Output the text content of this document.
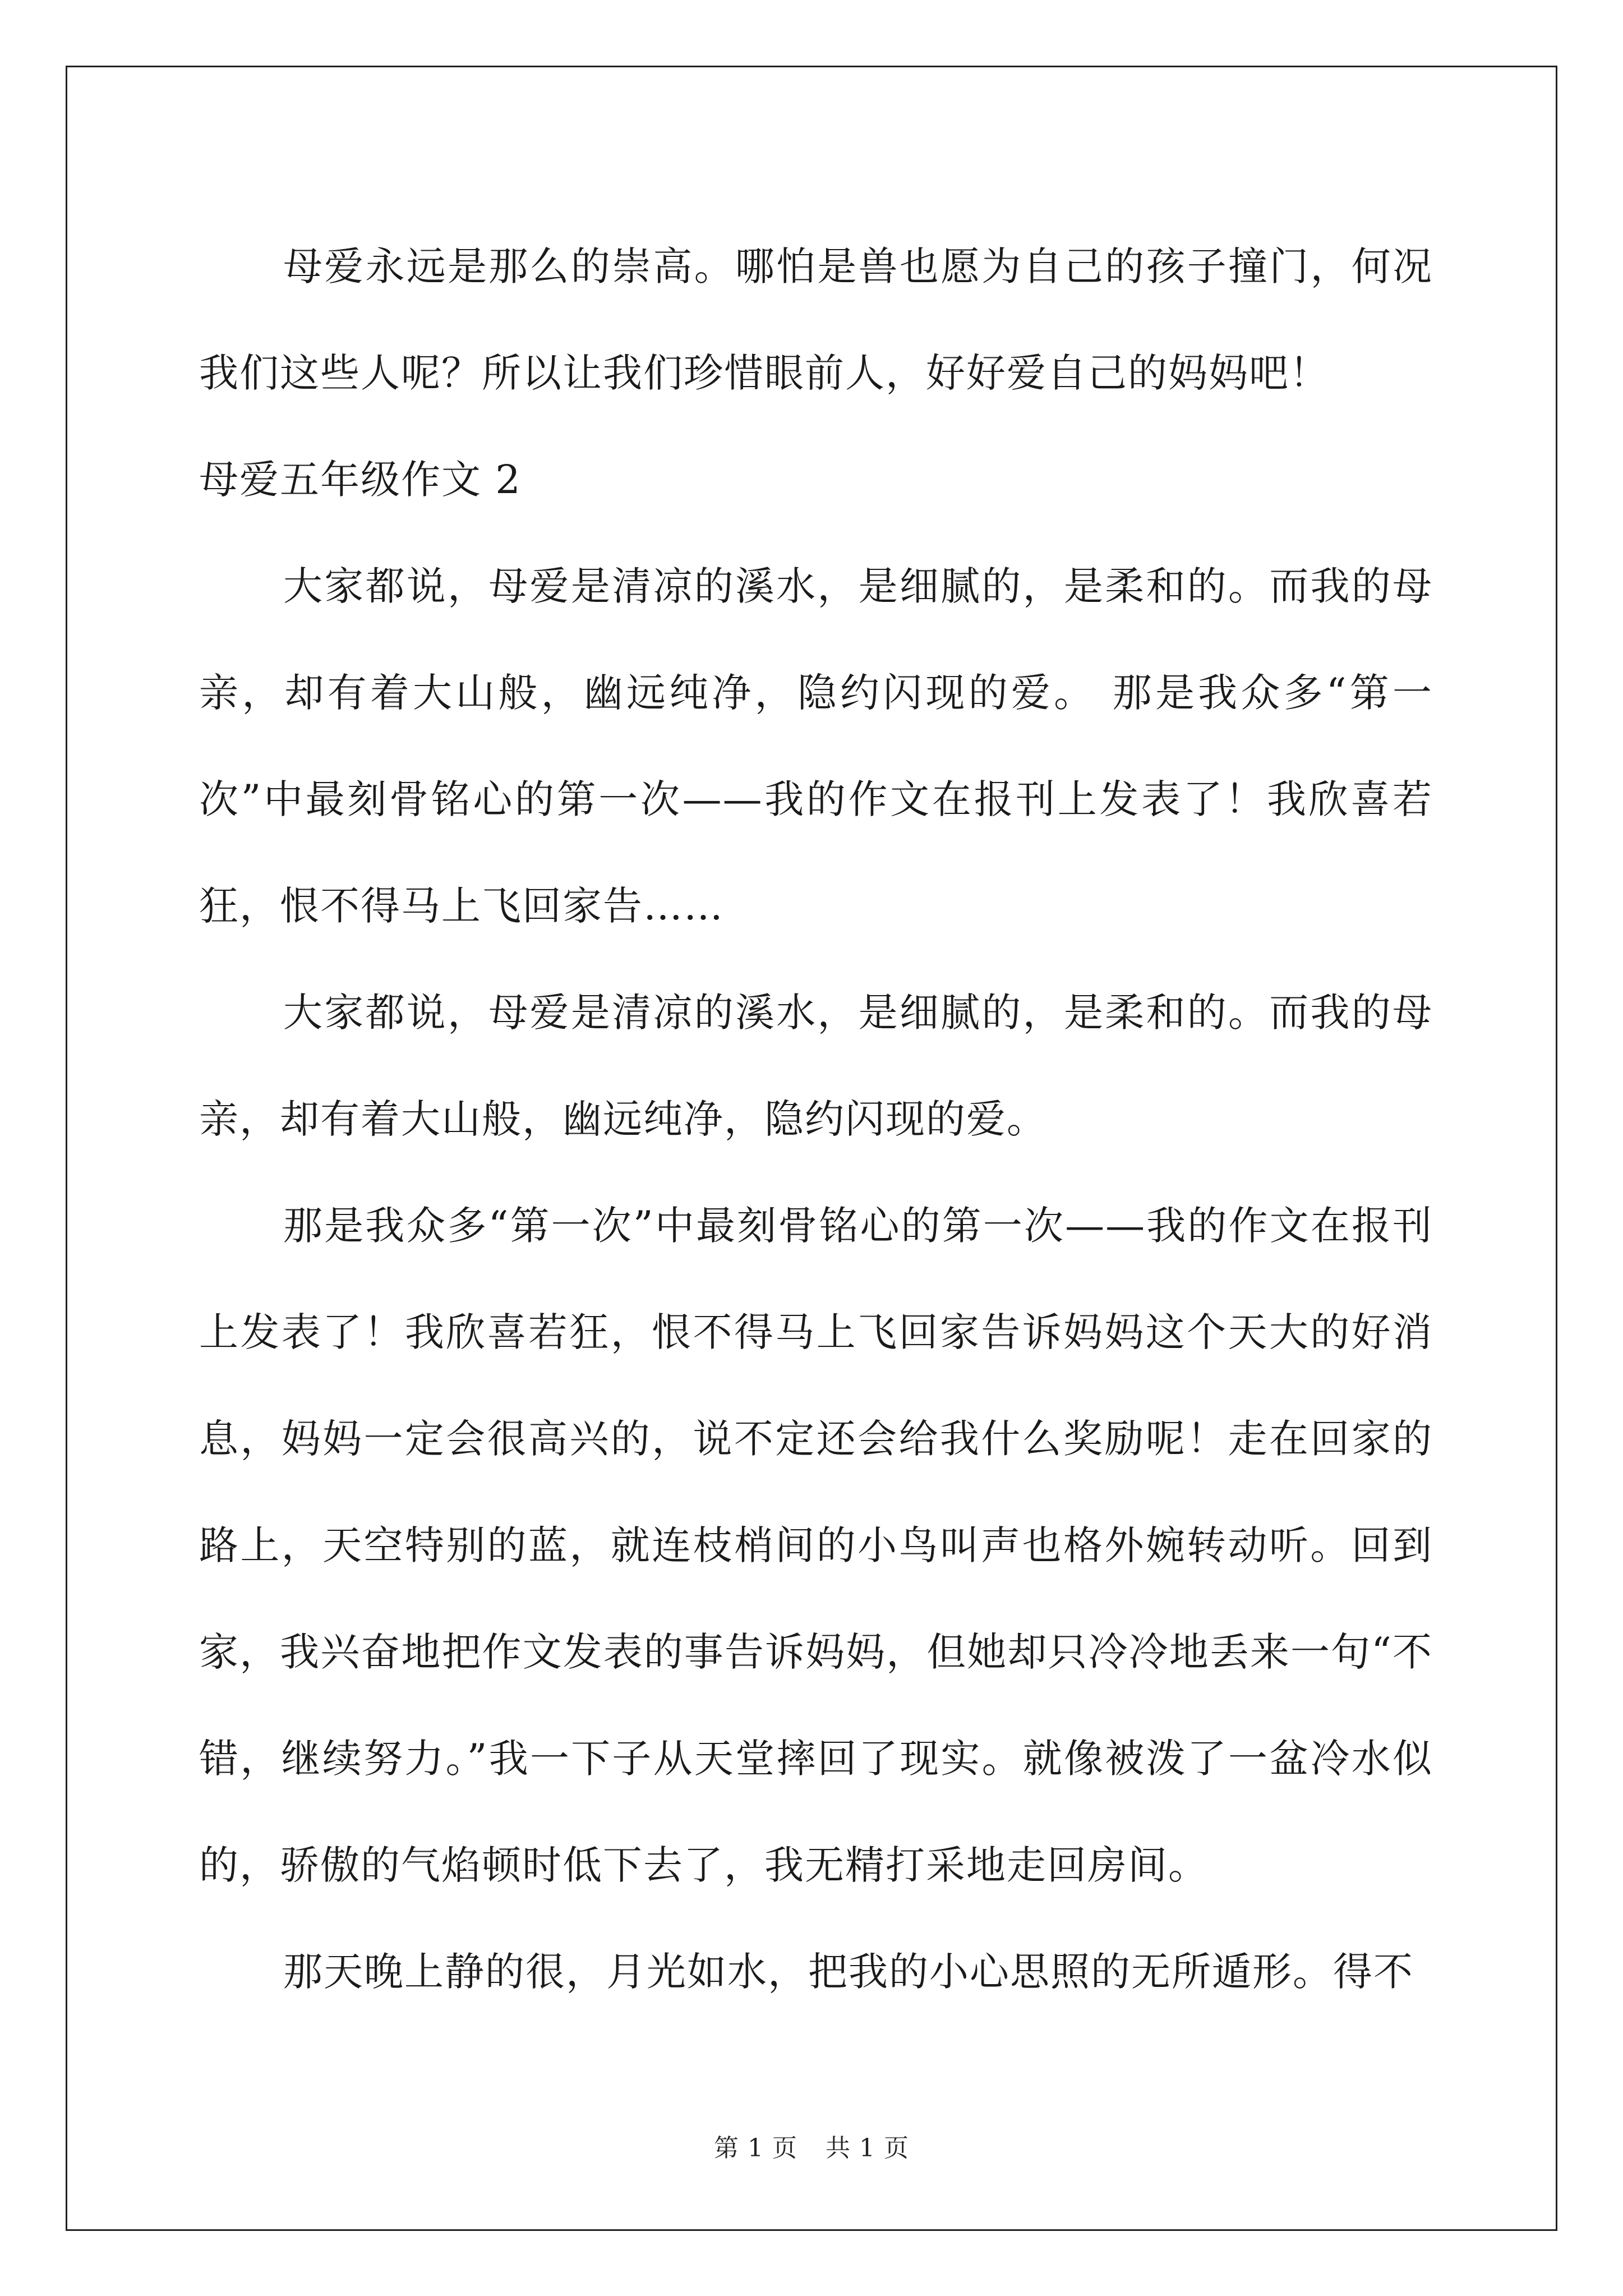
母爱永远是那么的崇高。哪怕是兽也愿为自己的孩子撞门，何况我们这些人呢？所以让我们珍惜眼前人，好好爱自己的妈妈吧！

母爱五年级作文 2

大家都说，母爱是清凉的溪水，是细腻的，是柔和的。而我的母亲，却有着大山般，幽远纯净，隐约闪现的爱。 那是我众多“第一次”中最刻骨铭心的第一次——我的作文在报刊上发表了！我欣喜若狂，恨不得马上飞回家告……

大家都说，母爱是清凉的溪水，是细腻的，是柔和的。而我的母亲，却有着大山般，幽远纯净，隐约闪现的爱。

那是我众多“第一次”中最刻骨铭心的第一次——我的作文在报刊上发表了！我欣喜若狂，恨不得马上飞回家告诉妈妈这个天大的好消息，妈妈一定会很高兴的，说不定还会给我什么奖励呢！走在回家的路上，天空特别的蓝，就连枝梢间的小鸟叫声也格外婉转动听。回到家，我兴奋地把作文发表的事告诉妈妈，但她却只冷冷地丢来一句“不错，继续努力。”我一下子从天堂摔回了现实。就像被泼了一盆冷水似的，骄傲的气焰顿时低下去了，我无精打采地走回房间。

那天晚上静的很，月光如水，把我的小心思照的无所遁形。得不

第 1 页 共 1 页
